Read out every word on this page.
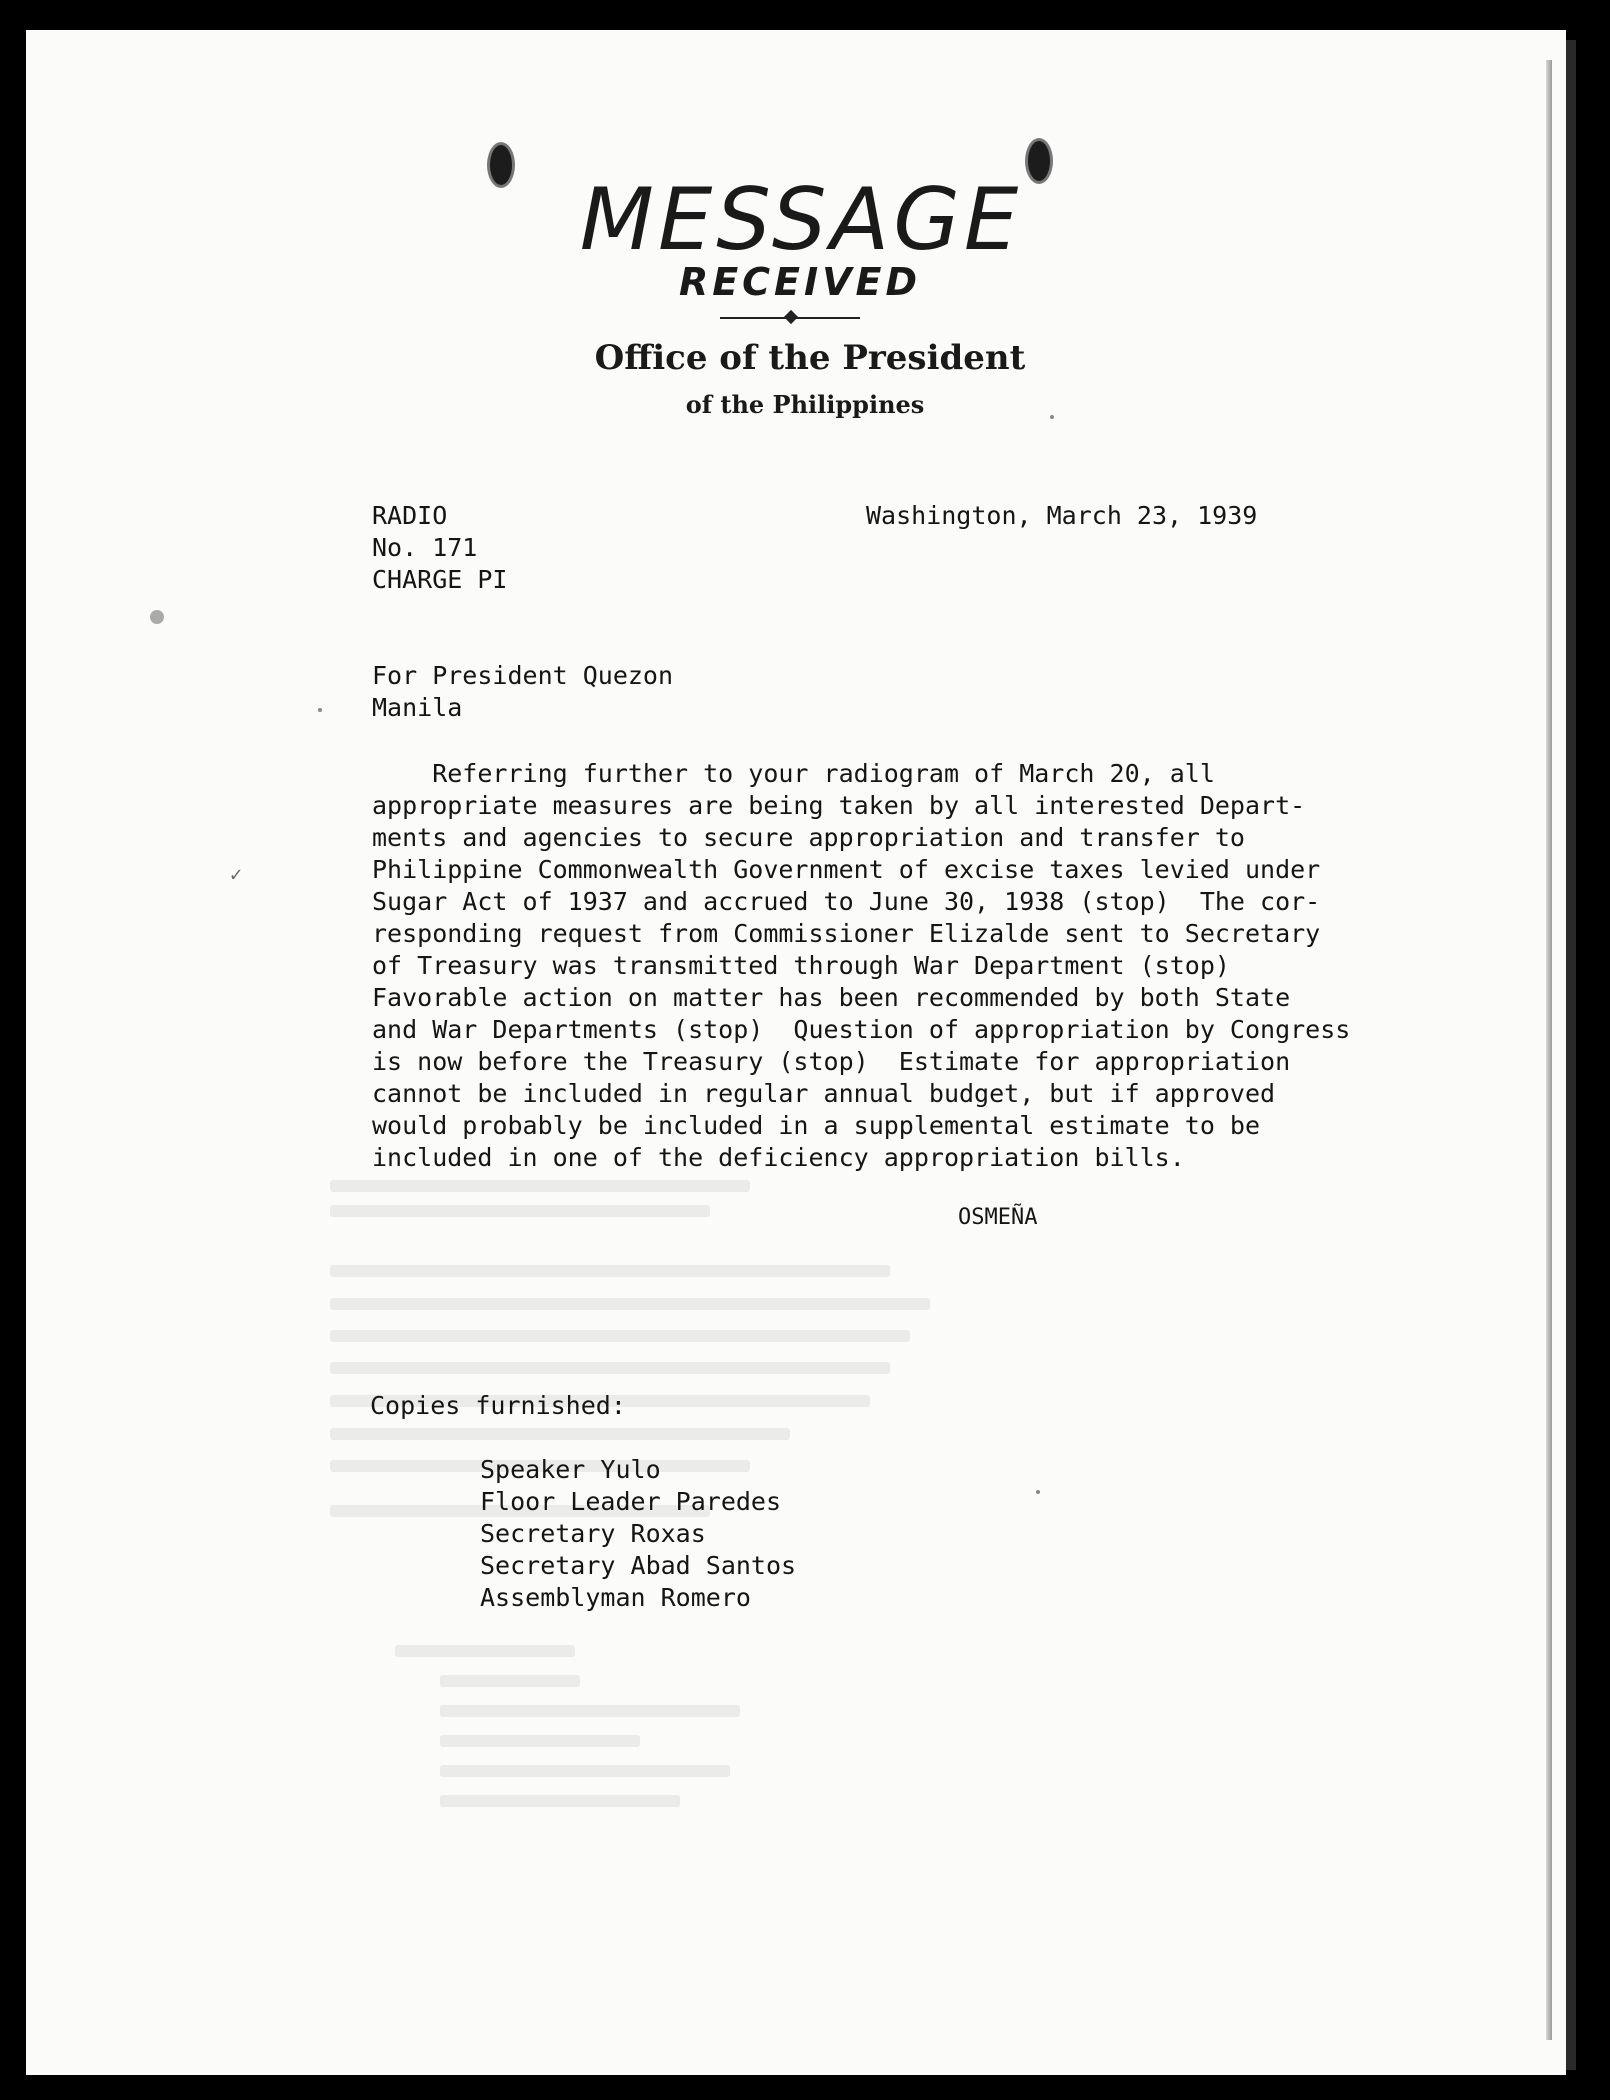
MESSAGE
RECEIVED
Office of the President
of the Philippines
RADIO
No. 171
CHARGE PI
Washington, March 23, 1939
For President Quezon
Manila
✓
Referring further to your radiogram of March 20, all
appropriate measures are being taken by all interested Depart-
ments and agencies to secure appropriation and transfer to
Philippine Commonwealth Government of excise taxes levied under
Sugar Act of 1937 and accrued to June 30, 1938 (stop)  The cor-
responding request from Commissioner Elizalde sent to Secretary
of Treasury was transmitted through War Department (stop)
Favorable action on matter has been recommended by both State
and War Departments (stop)  Question of appropriation by Congress
is now before the Treasury (stop)  Estimate for appropriation
cannot be included in regular annual budget, but if approved
would probably be included in a supplemental estimate to be
included in one of the deficiency appropriation bills.
OSMEÑA
Copies furnished:
Speaker Yulo
Floor Leader Paredes
Secretary Roxas
Secretary Abad Santos
Assemblyman Romero
